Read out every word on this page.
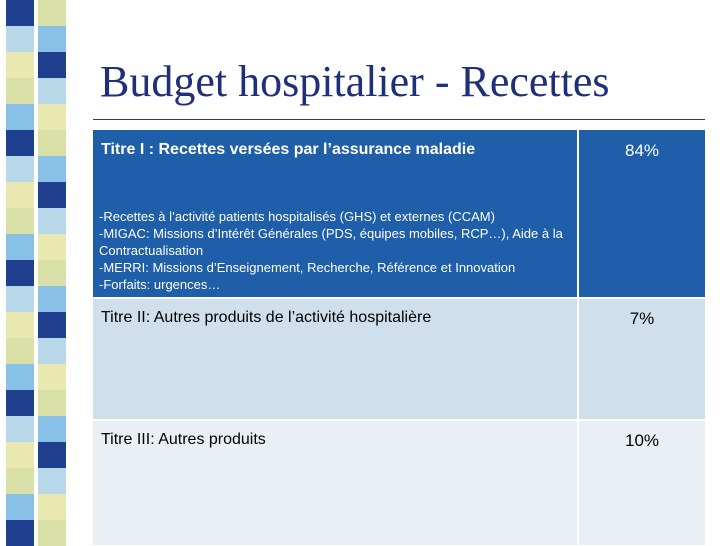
Budget hospitalier - Recettes
Titre I : Recettes versées par l’assurance maladie
-Recettes à l’activité patients hospitalisés (GHS) et externes (CCAM)
-MIGAC: Missions d’Intérêt Générales (PDS, équipes mobiles, RCP…), Aide à la Contractualisation
-MERRI: Missions d’Enseignement, Recherche, Référence et Innovation
-Forfaits: urgences…	84%

Titre II: Autres produits de l’activité hospitalière	7%

Titre III: Autres produits	10%
